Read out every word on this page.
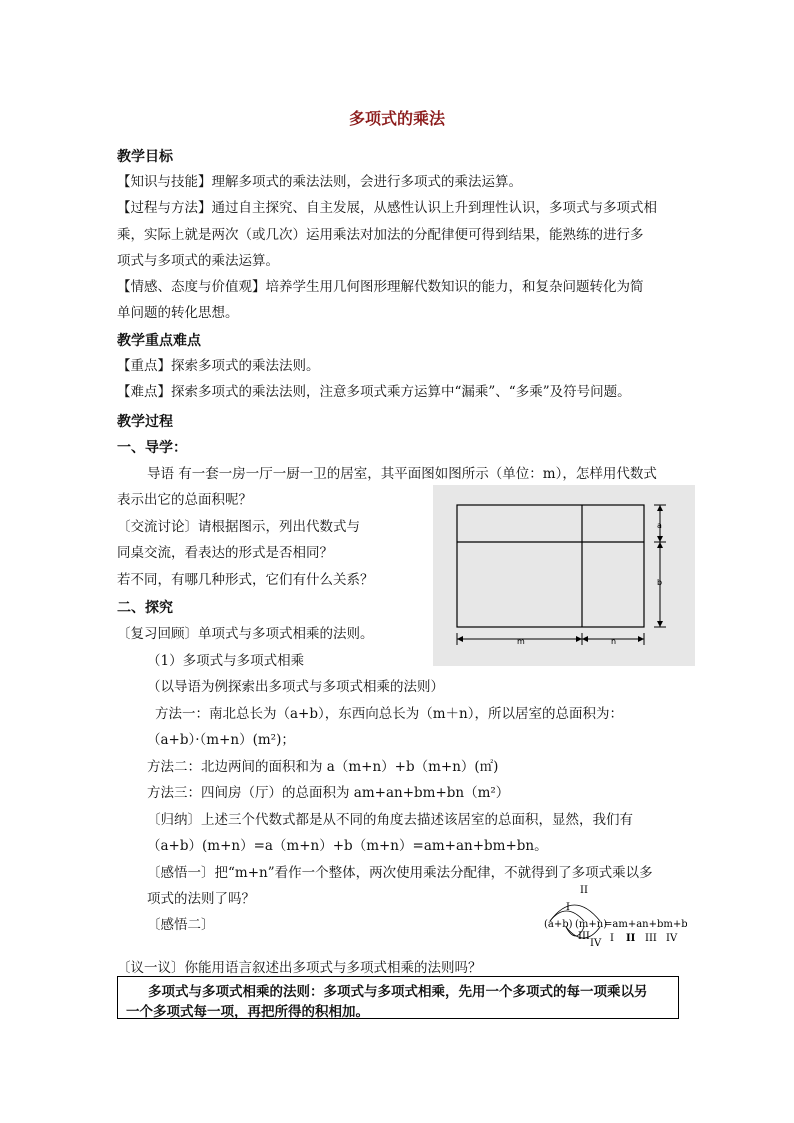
多项式的乘法
教学目标
【知识与技能】理解多项式的乘法法则，会进行多项式的乘法运算。
【过程与方法】通过自主探究、自主发展，从感性认识上升到理性认识，多项式与多项式相
乘，实际上就是两次（或几次）运用乘法对加法的分配律便可得到结果，能熟练的进行多
项式与多项式的乘法运算。
【情感、态度与价值观】培养学生用几何图形理解代数知识的能力，和复杂问题转化为简
单问题的转化思想。
教学重点难点
【重点】探索多项式的乘法法则。
【难点】探索多项式的乘法法则，注意多项式乘方运算中“漏乘”、“多乘”及符号问题。
教学过程
一、导学：
导语 有一套一房一厅一厨一卫的居室，其平面图如图所示（单位：m），怎样用代数式
表示出它的总面积呢？
〔交流讨论〕请根据图示，列出代数式与
同桌交流，看表达的形式是否相同？
若不同，有哪几种形式，它们有什么关系？
a
b
m	n
二、探究
〔复习回顾〕单项式与多项式相乘的法则。
（1）多项式与多项式相乘
（以导语为例探索出多项式与多项式相乘的法则）
方法一：南北总长为（a+b），东西向总长为（m＋n），所以居室的总面积为：
（a+b）·（m+n）(m²)；
方法二：北边两间的面积和为 a（m+n）+b（m+n）(㎡)
方法三：四间房（厅）的总面积为 am+an+bm+bn（m²）
〔归纳〕上述三个代数式都是从不同的角度去描述该居室的总面积，显然，我们有
（a+b）(m+n）=a（m+n）+b（m+n）=am+an+bm+bn。
〔感悟一〕把“m+n”看作一个整体，两次使用乘法分配律，不就得到了多项式乘以多
项式的法则了吗？
〔感悟二〕
II
I
(a+b) (m+n)
=am+an+bm+bn
III
IV I II III IV
〔议一议〕你能用语言叙述出多项式与多项式相乘的法则吗？
多项式与多项式相乘的法则：多项式与多项式相乘，先用一个多项式的每一项乘以另
一个多项式每一项，再把所得的积相加。
